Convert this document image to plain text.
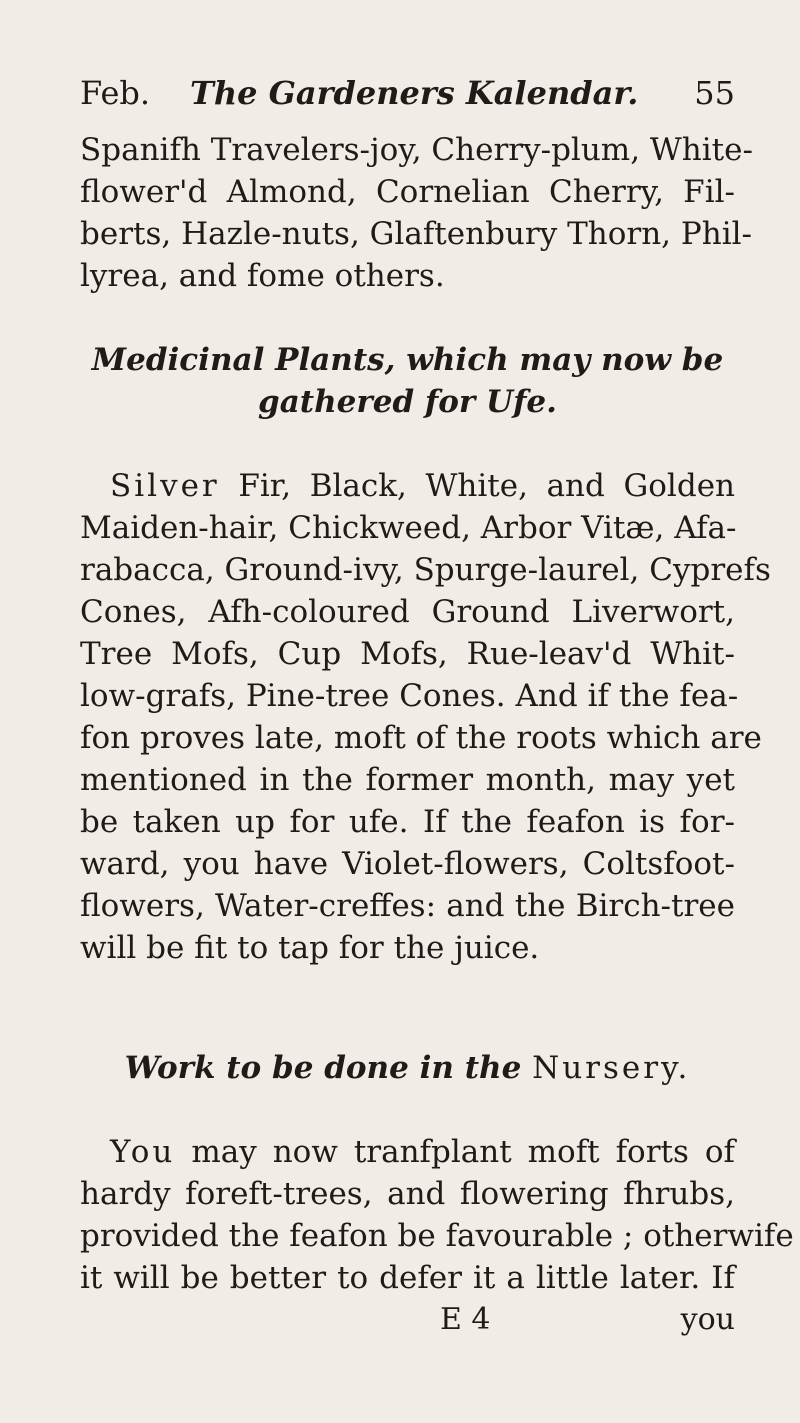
Feb. The Gardeners Kalendar. 55
Spanifh Travelers-joy, Cherry-plum, White-
flower'd Almond, Cornelian Cherry, Fil-
berts, Hazle-nuts, Glaftenbury Thorn, Phil-
lyrea, and fome others.
Medicinal Plants, which may now be
gathered for Ufe.
Silver Fir, Black, White, and Golden
Maiden-hair, Chickweed, Arbor Vitæ, Afa-
rabacca, Ground-ivy, Spurge-laurel, Cyprefs
Cones, Afh-coloured Ground Liverwort,
Tree Mofs, Cup Mofs, Rue-leav'd Whit-
low-grafs, Pine-tree Cones. And if the fea-
fon proves late, moft of the roots which are
mentioned in the former month, may yet
be taken up for ufe. If the feafon is for-
ward, you have Violet-flowers, Coltsfoot-
flowers, Water-creffes: and the Birch-tree
will be fit to tap for the juice.
Work to be done in the Nursery.
You may now tranfplant moft forts of
hardy foreft-trees, and flowering fhrubs,
provided the feafon be favourable ; otherwife
it will be better to defer it a little later. If
E 4	you
